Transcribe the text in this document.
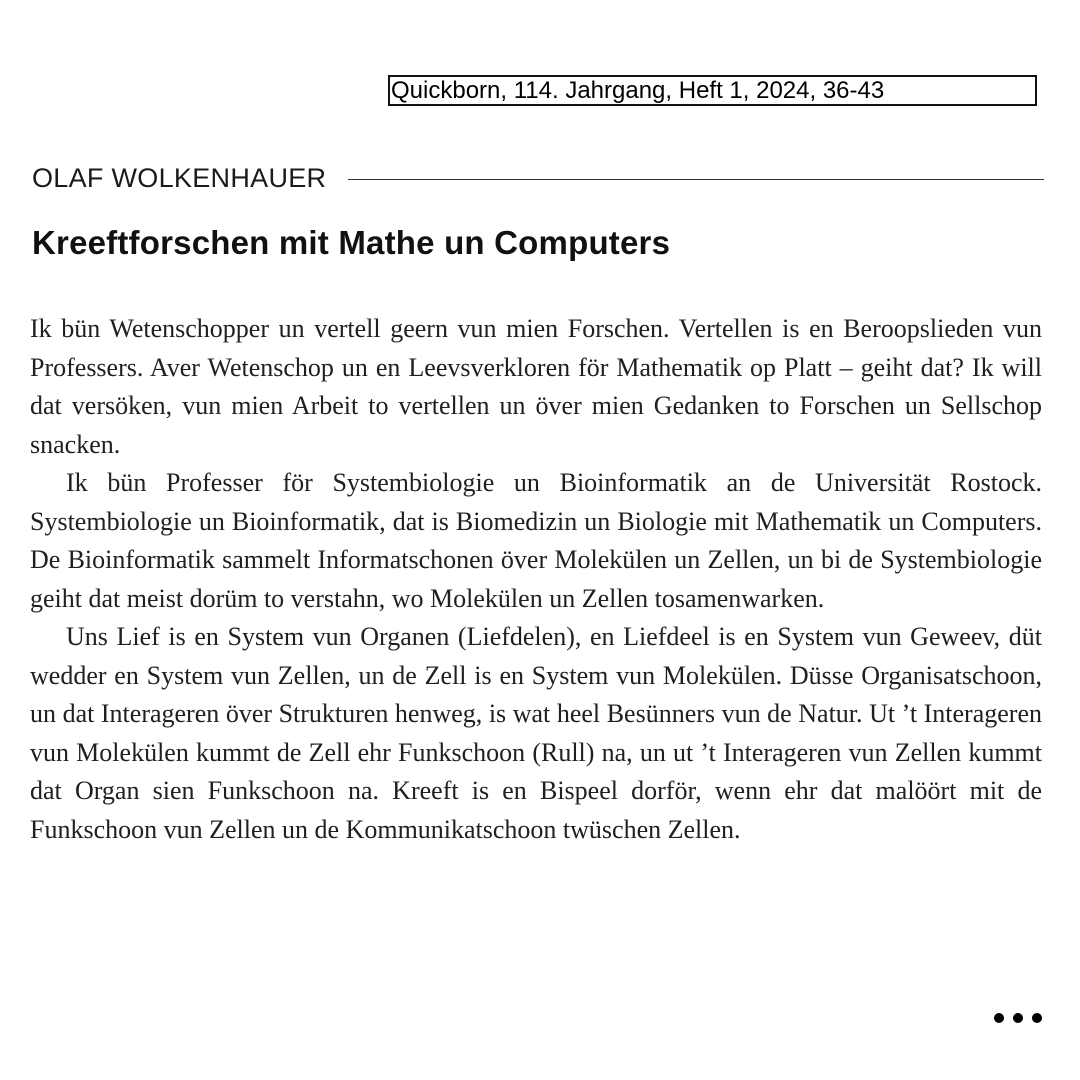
Quickborn, 114. Jahrgang, Heft 1, 2024, 36-43
OLAF WOLKENHAUER
Kreeftforschen mit Mathe un Computers

Ik bün Wetenschopper un vertell geern vun mien Forschen. Vertellen is en Beroopslieden vun Professers. Aver Wetenschop un en Leevsverkloren för Mathematik op Platt – geiht dat? Ik will dat versöken, vun mien Arbeit to vertellen un över mien Gedanken to Forschen un Sellschop snacken.

Ik bün Professer för Systembiologie un Bioinformatik an de Universität Rostock. Systembiologie un Bioinformatik, dat is Biomedizin un Biologie mit Mathematik un Computers. De Bioinformatik sammelt Informatschonen över Molekülen un Zellen, un bi de Systembiologie geiht dat meist dorüm to verstahn, wo Molekülen un Zellen tosamenwarken.

Uns Lief is en System vun Organen (Liefdelen), en Liefdeel is en System vun Geweev, düt wedder en System vun Zellen, un de Zell is en System vun Molekülen. Düsse Organisatschoon, un dat Interageren över Strukturen henweg, is wat heel Besünners vun de Natur. Ut ’t Interageren vun Molekülen kummt de Zell ehr Funkschoon (Rull) na, un ut ’t Interageren vun Zellen kummt dat Organ sien Funkschoon na. Kreeft is en Bispeel dorför, wenn ehr dat malöört mit de Funkschoon vun Zellen un de Kommunikatschoon twüschen Zellen.
